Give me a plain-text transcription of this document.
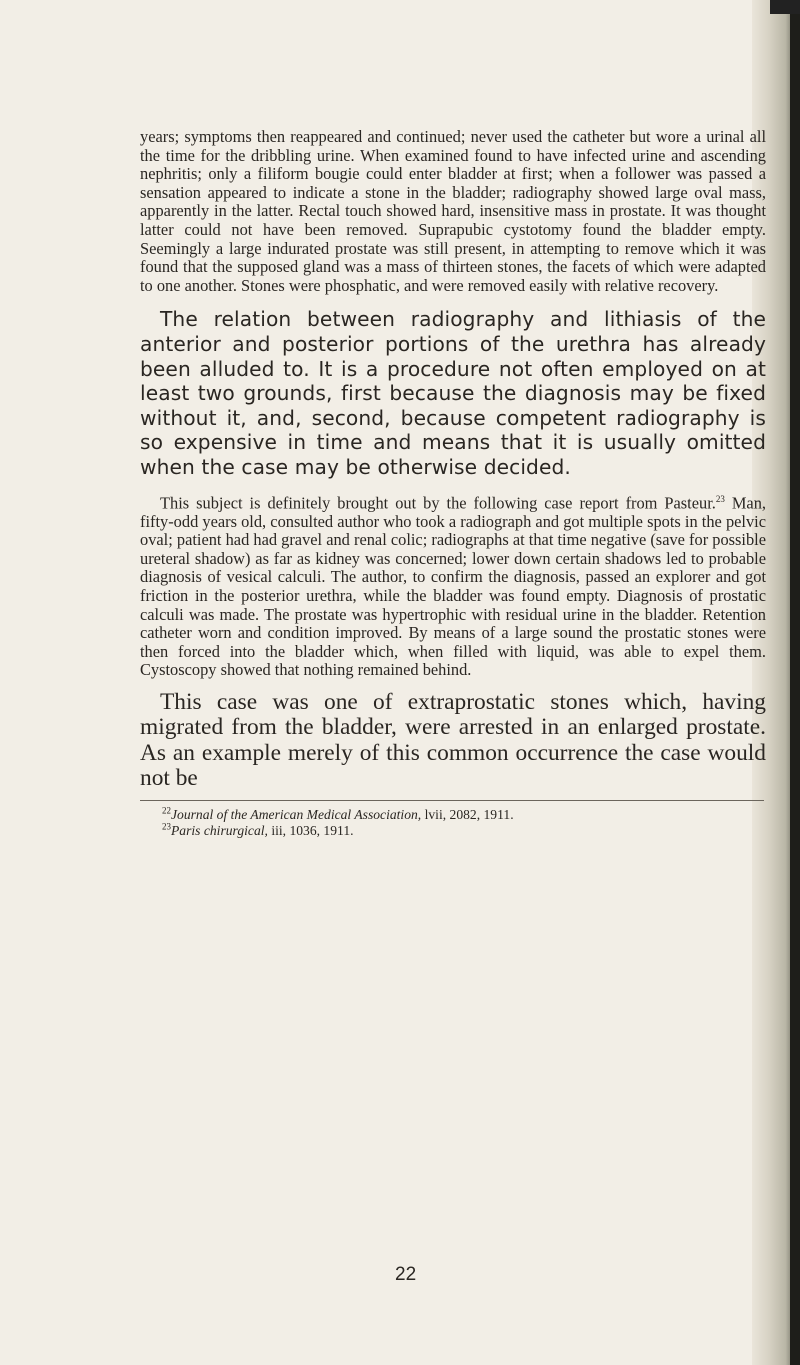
years; symptoms then reappeared and continued; never used the catheter but wore a urinal all the time for the dribbling urine. When examined found to have infected urine and ascending nephritis; only a filiform bougie could enter bladder at first; when a follower was passed a sensation appeared to indicate a stone in the bladder; radiography showed large oval mass, apparently in the latter. Rectal touch showed hard, insensitive mass in prostate. It was thought latter could not have been removed. Suprapubic cystotomy found the bladder empty. Seemingly a large indurated prostate was still present, in attempting to remove which it was found that the supposed gland was a mass of thirteen stones, the facets of which were adapted to one another. Stones were phosphatic, and were removed easily with relative recovery.

The relation between radiography and lithiasis of the anterior and posterior portions of the urethra has already been alluded to. It is a procedure not often employed on at least two grounds, first because the diagnosis may be fixed without it, and, second, because competent radiography is so expensive in time and means that it is usually omitted when the case may be otherwise decided.

This subject is definitely brought out by the following case report from Pasteur.$^{23}$ Man, fifty-odd years old, consulted author who took a radiograph and got multiple spots in the pelvic oval; patient had had gravel and renal colic; radiographs at that time negative (save for possible ureteral shadow) as far as kidney was concerned; lower down certain shadows led to probable diagnosis of vesical calculi. The author, to confirm the diagnosis, passed an explorer and got friction in the posterior urethra, while the bladder was found empty. Diagnosis of prostatic calculi was made. The prostate was hypertrophic with residual urine in the bladder. Retention catheter worn and condition improved. By means of a large sound the prostatic stones were then forced into the bladder which, when filled with liquid, was able to expel them. Cystoscopy showed that nothing remained behind.

This case was one of extraprostatic stones which, having migrated from the bladder, were arrested in an enlarged prostate. As an example merely of this common occurrence the case would not be

$^{22}$Journal of the American Medical Association, lvii, 2082, 1911.

$^{23}$Paris chirurgical, iii, 1036, 1911.

22
